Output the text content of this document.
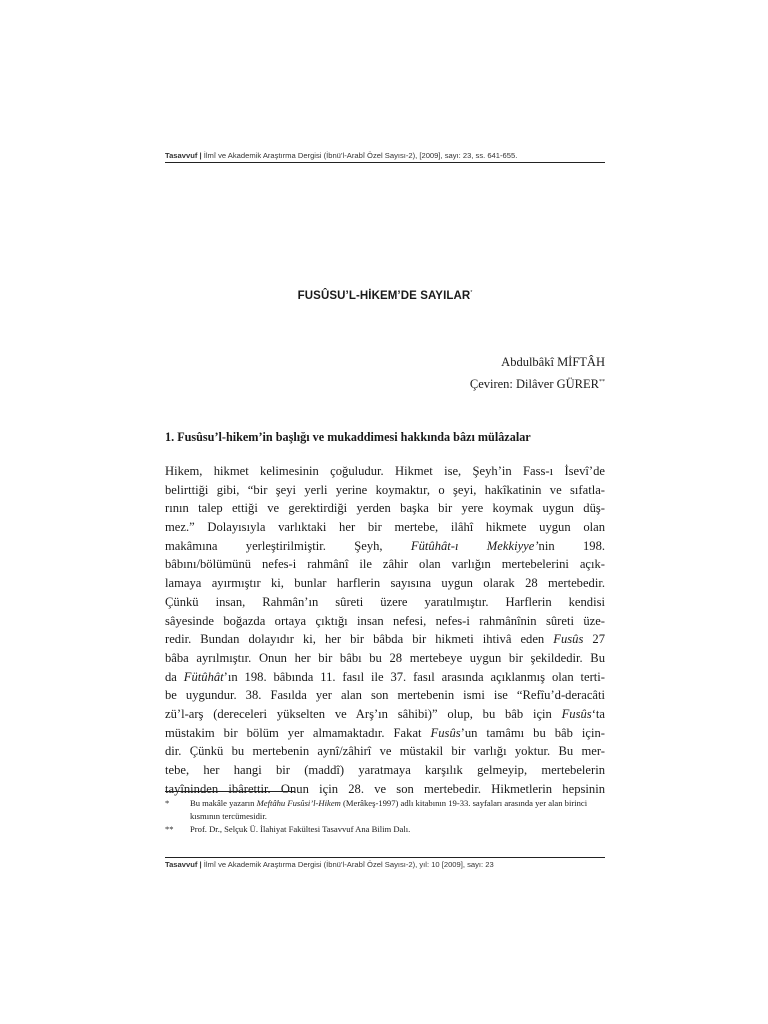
Tasavvuf | İlmî ve Akademik Araştırma Dergisi (İbnü’l-Arabî Özel Sayısı-2), [2009], sayı: 23, ss. 641-655.
FUSÛSU’L-HİKEM’DE SAYILAR*
Abdulbâkî MİFTÂH
Çeviren: Dilâver GÜRER**
1. Fusûsu’l-hikem’in başlığı ve mukaddimesi hakkında bâzı mülâzalar
Hikem, hikmet kelimesinin çoğuludur. Hikmet ise, Şeyh’in Fass-ı İsevî’de
belirttiği gibi, “bir şeyi yerli yerine koymaktır, o şeyi, hakîkatinin ve sıfatla-
rının talep ettiği ve gerektirdiği yerden başka bir yere koymak uygun düş-
mez.” Dolayısıyla varlıktaki her bir mertebe, ilâhî hikmete uygun olan
makâmına yerleştirilmiştir. Şeyh, Fütûhât-ı Mekkiyye’nin 198.
bâbını/bölümünü nefes-i rahmânî ile zâhir olan varlığın mertebelerini açık-
lamaya ayırmıştır ki, bunlar harflerin sayısına uygun olarak 28 mertebedir.
Çünkü insan, Rahmân’ın sûreti üzere yaratılmıştır. Harflerin kendisi
sâyesinde boğazda ortaya çıktığı insan nefesi, nefes-i rahmânînin sûreti üze-
redir. Bundan dolayıdır ki, her bir bâbda bir hikmeti ihtivâ eden Fusûs 27
bâba ayrılmıştır. Onun her bir bâbı bu 28 mertebeye uygun bir şekildedir. Bu
da Fütûhât’ın 198. bâbında 11. fasıl ile 37. fasıl arasında açıklanmış olan terti-
be uygundur. 38. Fasılda yer alan son mertebenin ismi ise “Refîu’d-deracâti
zü’l-arş (dereceleri yükselten ve Arş’ın sâhibi)” olup, bu bâb için Fusûs‘ta
müstakim bir bölüm yer almamaktadır. Fakat Fusûs’un tamâmı bu bâb için-
dir. Çünkü bu mertebenin aynî/zâhirî ve müstakil bir varlığı yoktur. Bu mer-
tebe, her hangi bir (maddî) yaratmaya karşılık gelmeyip, mertebelerin
tayîninden ibârettir. Onun için 28. ve son mertebedir. Hikmetlerin hepsinin
* Bu makâle yazarın Meftâhu Fusûsi’l-Hikem (Merâkeş-1997) adlı kitabının 19-33. sayfaları arasında yer alan birinci kısmının tercümesidir.
** Prof. Dr., Selçuk Ü. İlahiyat Fakültesi Tasavvuf Ana Bilim Dalı.
Tasavvuf | İlmî ve Akademik Araştırma Dergisi (İbnü’l-Arabî Özel Sayısı-2), yıl: 10 [2009], sayı: 23
